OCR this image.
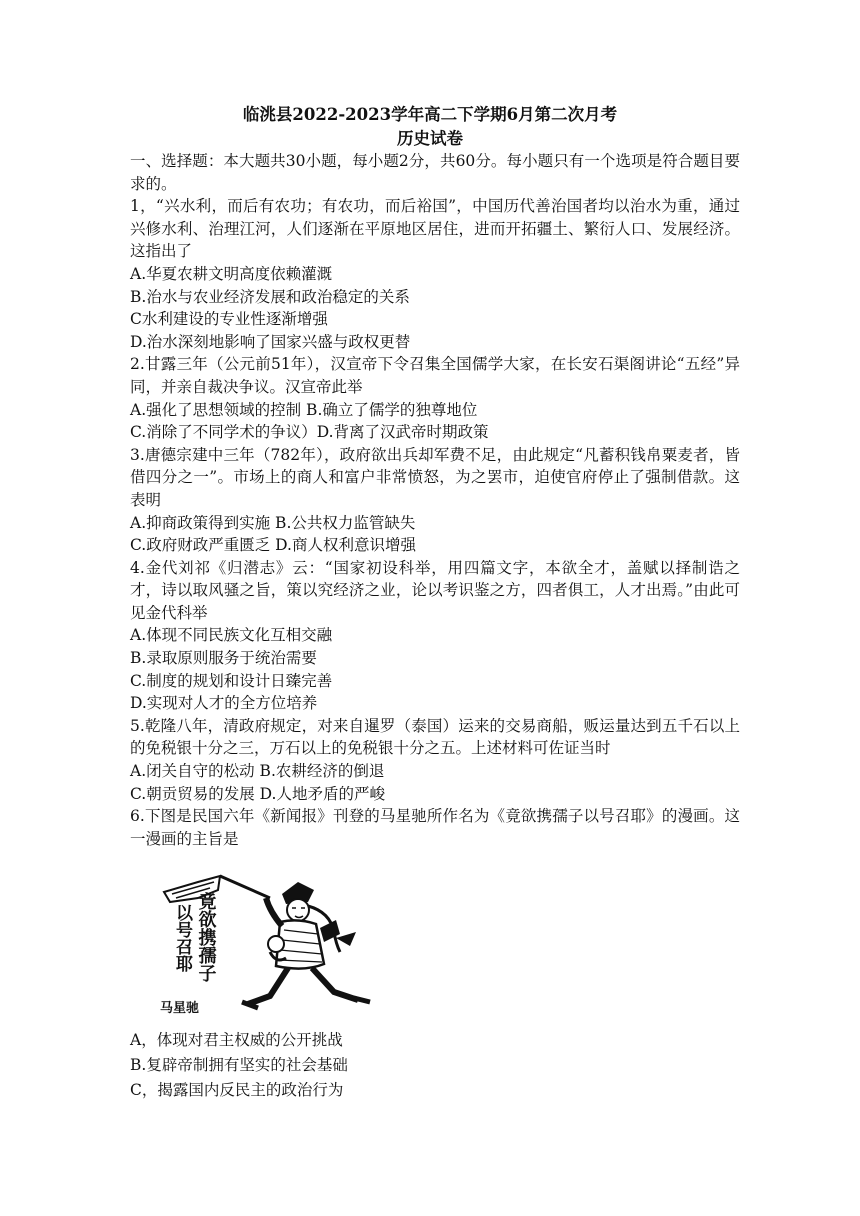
临洮县2022-2023学年高二下学期6月第二次月考
历史试卷

一、选择题：本大题共30小题，每小题2分，共60分。每小题只有一个选项是符合题目要求的。

1，“兴水利，而后有农功；有农功，而后裕国”，中国历代善治国者均以治水为重，通过兴修水利、治理江河，人们逐渐在平原地区居住，进而开拓疆土、繁衍人口、发展经济。这指出了

A.华夏农耕文明高度依赖灌溉

B.治水与农业经济发展和政治稳定的关系

C水利建设的专业性逐渐增强

D.治水深刻地影响了国家兴盛与政权更替

2.甘露三年（公元前51年），汉宣帝下令召集全国儒学大家，在长安石渠阁讲论“五经”异同，并亲自裁决争议。汉宣帝此举

A.强化了思想领域的控制 B.确立了儒学的独尊地位

C.消除了不同学术的争议）D.背离了汉武帝时期政策

3.唐德宗建中三年（782年），政府欲出兵却军费不足，由此规定“凡蓄积钱帛粟麦者，皆借四分之一”。市场上的商人和富户非常愤怒，为之罢市，迫使官府停止了强制借款。这表明

A.抑商政策得到实施 B.公共权力监管缺失

C.政府财政严重匮乏 D.商人权利意识增强

4.金代刘祁《归潜志》云：“国家初设科举，用四篇文字，本欲全才，盖赋以择制诰之才，诗以取风骚之旨，策以究经济之业，论以考识鉴之方，四者俱工，人才出焉。”由此可见金代科举

A.体现不同民族文化互相交融

B.录取原则服务于统治需要

C.制度的规划和设计日臻完善

D.实现对人才的全方位培养

5.乾隆八年，清政府规定，对来自暹罗（泰国）运来的交易商船，贩运量达到五千石以上的免税银十分之三，万石以上的免税银十分之五。上述材料可佐证当时

A.闭关自守的松动 B.农耕经济的倒退

C.朝贡贸易的发展 D.人地矛盾的严峻

6.下图是民国六年《新闻报》刊登的马星驰所作名为《竟欲携孺子以号召耶》的漫画。这一漫画的主旨是

竟欲携孺子
以号召耶
马星驰

A，体现对君主权威的公开挑战

B.复辟帝制拥有坚实的社会基础

C，揭露国内反民主的政治行为
